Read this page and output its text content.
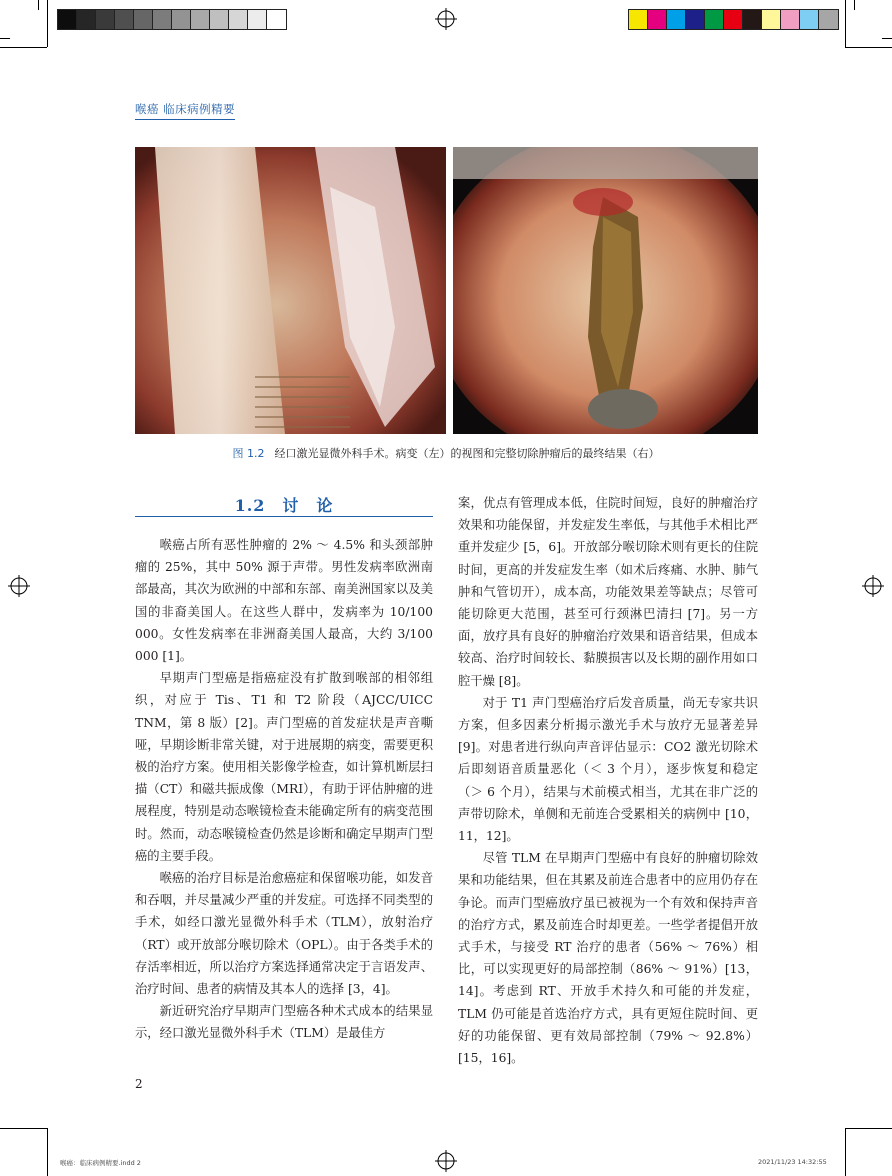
喉癌 临床病例精要
图 1.2 经口激光显微外科手术。病变（左）的视图和完整切除肿瘤后的最终结果（右）
1.2　讨　论

喉癌占所有恶性肿瘤的 2% ～ 4.5% 和头颈部肿瘤的 25%，其中 50% 源于声带。男性发病率欧洲南部最高，其次为欧洲的中部和东部、南美洲国家以及美国的非裔美国人。在这些人群中，发病率为 10/100 000。女性发病率在非洲裔美国人最高，大约 3/100 000 [1]。

早期声门型癌是指癌症没有扩散到喉部的相邻组织，对应于 Tis、T1 和 T2 阶段（AJCC/UICC TNM，第 8 版）[2]。声门型癌的首发症状是声音嘶哑，早期诊断非常关键，对于进展期的病变，需要更积极的治疗方案。使用相关影像学检查，如计算机断层扫描（CT）和磁共振成像（MRI），有助于评估肿瘤的进展程度，特别是动态喉镜检查未能确定所有的病变范围时。然而，动态喉镜检查仍然是诊断和确定早期声门型癌的主要手段。

喉癌的治疗目标是治愈癌症和保留喉功能，如发音和吞咽，并尽量减少严重的并发症。可选择不同类型的手术，如经口激光显微外科手术（TLM），放射治疗（RT）或开放部分喉切除术（OPL）。由于各类手术的存活率相近，所以治疗方案选择通常决定于言语发声、治疗时间、患者的病情及其本人的选择 [3，4]。

新近研究治疗早期声门型癌各种术式成本的结果显示，经口激光显微外科手术（TLM）是最佳方

案，优点有管理成本低，住院时间短，良好的肿瘤治疗效果和功能保留，并发症发生率低，与其他手术相比严重并发症少 [5，6]。开放部分喉切除术则有更长的住院时间，更高的并发症发生率（如术后疼痛、水肿、肺气肿和气管切开），成本高，功能效果差等缺点；尽管可能切除更大范围，甚至可行颈淋巴清扫 [7]。另一方面，放疗具有良好的肿瘤治疗效果和语音结果，但成本较高、治疗时间较长、黏膜损害以及长期的副作用如口腔干燥 [8]。

对于 T1 声门型癌治疗后发音质量，尚无专家共识方案，但多因素分析揭示激光手术与放疗无显著差异 [9]。对患者进行纵向声音评估显示：CO2 激光切除术后即刻语音质量恶化（＜ 3 个月），逐步恢复和稳定（＞ 6 个月），结果与术前模式相当，尤其在非广泛的声带切除术，单侧和无前连合受累相关的病例中 [10，11，12]。

尽管 TLM 在早期声门型癌中有良好的肿瘤切除效果和功能结果，但在其累及前连合患者中的应用仍存在争论。而声门型癌放疗虽已被视为一个有效和保持声音的治疗方式，累及前连合时却更差。一些学者提倡开放式手术，与接受 RT 治疗的患者（56% ～ 76%）相比，可以实现更好的局部控制（86% ～ 91%）[13，14]。考虑到 RT、开放手术持久和可能的并发症，TLM 仍可能是首选治疗方式，具有更短住院时间、更好的功能保留、更有效局部控制（79% ～ 92.8%）[15，16]。

2
喉癌：临床病例精要.indd 2	2021/11/23 14:32:55
